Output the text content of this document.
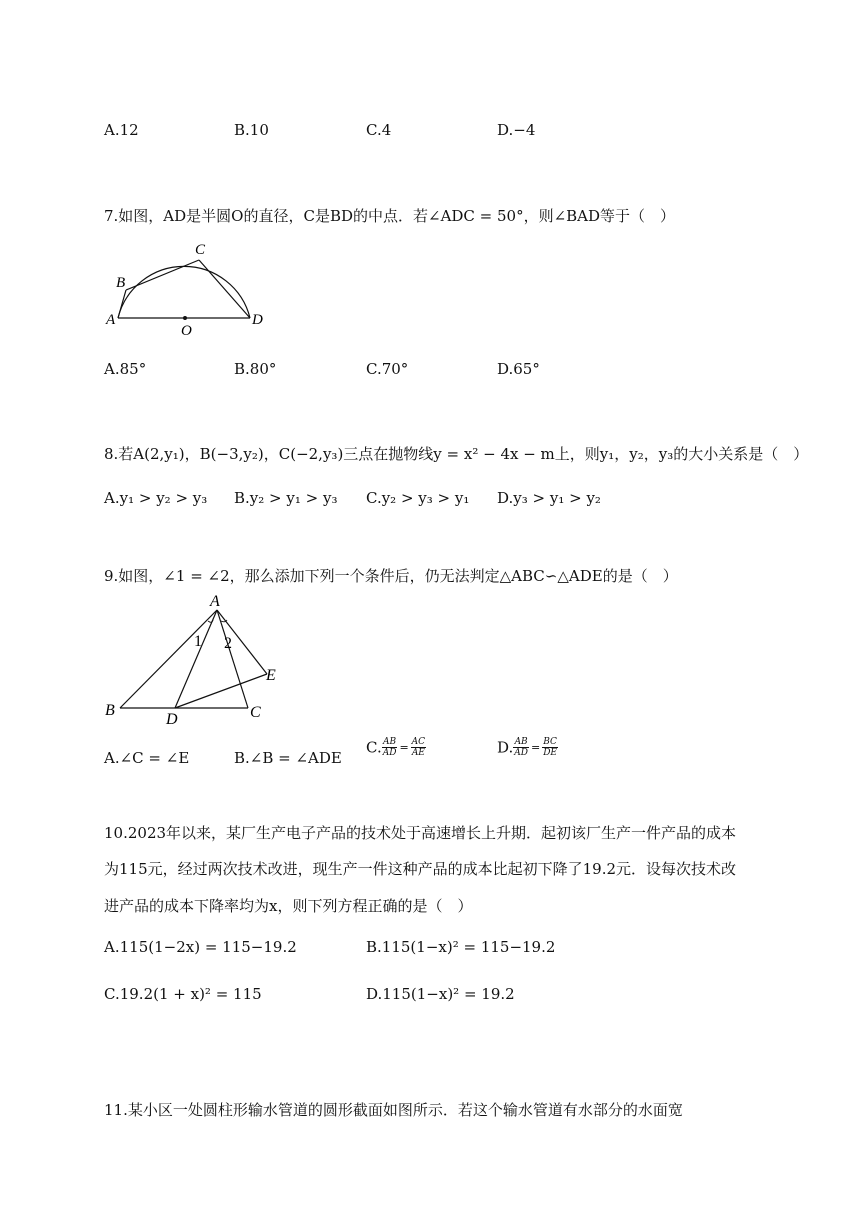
A.12	B.10	C.4	D.−4
7.如图，AD是半圆O的直径，C是BD的中点．若∠ADC = 50°，则∠BAD等于（　）
A
B
C
D
O
A.85°	B.80°	C.70°	D.65°
8.若A(2,y₁)，B(−3,y₂)，C(−2,y₃)三点在抛物线y = x² − 4x − m上，则y₁，y₂，y₃的大小关系是（　）
A.y₁ > y₂ > y₃ B.y₂ > y₁ > y₃ C.y₂ > y₃ > y₁ D.y₃ > y₁ > y₂
9.如图，∠1 = ∠2，那么添加下列一个条件后，仍无法判定△ABC∽△ADE的是（　）
A
B	C
D
E
1 2
A.∠C = ∠E	B.∠B = ∠ADE
C. $\frac{AB}{AD} = \frac{AC}{AE}$	D. $\frac{AB}{AD} = \frac{BC}{DE}$
10.2023年以来，某厂生产电子产品的技术处于高速增长上升期．起初该厂生产一件产品的成本
为115元，经过两次技术改进，现生产一件这种产品的成本比起初下降了19.2元．设每次技术改
进产品的成本下降率均为x，则下列方程正确的是（　）
A.115(1−2x) = 115−19.2	B.115(1−x)² = 115−19.2
C.19.2(1 + x)² = 115	D.115(1−x)² = 19.2
11.某小区一处圆柱形输水管道的圆形截面如图所示．若这个输水管道有水部分的水面宽
